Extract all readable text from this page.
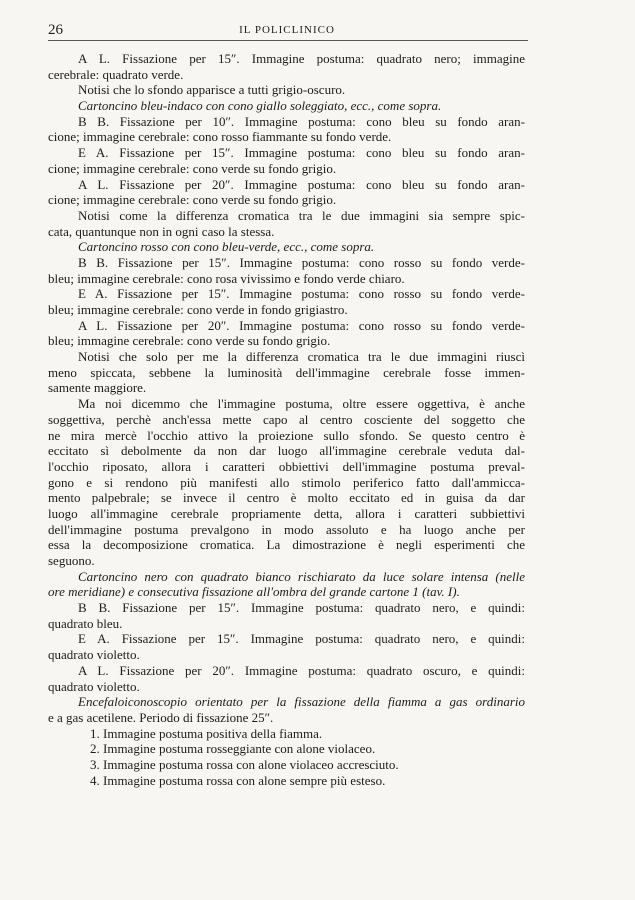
26	IL POLICLINICO
A L. Fissazione per 15″. Immagine postuma: quadrato nero; immagine
cerebrale: quadrato verde.
Notisi che lo sfondo apparisce a tutti grigio-oscuro.
Cartoncino bleu-indaco con cono giallo soleggiato, ecc., come sopra.
B B. Fissazione per 10″. Immagine postuma: cono bleu su fondo aran-
cione; immagine cerebrale: cono rosso fiammante su fondo verde.
E A. Fissazione per 15″. Immagine postuma: cono bleu su fondo aran-
cione; immagine cerebrale: cono verde su fondo grigio.
A L. Fissazione per 20″. Immagine postuma: cono bleu su fondo aran-
cione; immagine cerebrale: cono verde su fondo grigio.
Notisi come la differenza cromatica tra le due immagini sia sempre spic-
cata, quantunque non in ogni caso la stessa.
Cartoncino rosso con cono bleu-verde, ecc., come sopra.
B B. Fissazione per 15″. Immagine postuma: cono rosso su fondo verde-
bleu; immagine cerebrale: cono rosa vivissimo e fondo verde chiaro.
E A. Fissazione per 15″. Immagine postuma: cono rosso su fondo verde-
bleu; immagine cerebrale: cono verde in fondo grigiastro.
A L. Fissazione per 20″. Immagine postuma: cono rosso su fondo verde-
bleu; immagine cerebrale: cono verde su fondo grigio.
Notisi che solo per me la differenza cromatica tra le due immagini riuscì
meno spiccata, sebbene la luminosità dell'immagine cerebrale fosse immen-
samente maggiore.
Ma noi dicemmo che l'immagine postuma, oltre essere oggettiva, è anche
soggettiva, perchè anch'essa mette capo al centro cosciente del soggetto che
ne mira mercè l'occhio attivo la proiezione sullo sfondo. Se questo centro è
eccitato sì debolmente da non dar luogo all'immagine cerebrale veduta dal-
l'occhio riposato, allora i caratteri obbiettivi dell'immagine postuma preval-
gono e si rendono più manifesti allo stimolo periferico fatto dall'ammicca-
mento palpebrale; se invece il centro è molto eccitato ed in guisa da dar
luogo all'immagine cerebrale propriamente detta, allora i caratteri subbiettivi
dell'immagine postuma prevalgono in modo assoluto e ha luogo anche per
essa la decomposizione cromatica. La dimostrazione è negli esperimenti che
seguono.
Cartoncino nero con quadrato bianco rischiarato da luce solare intensa (nelle
ore meridiane) e consecutiva fissazione all'ombra del grande cartone 1 (tav. I).
B B. Fissazione per 15″. Immagine postuma: quadrato nero, e quindi:
quadrato bleu.
E A. Fissazione per 15″. Immagine postuma: quadrato nero, e quindi:
quadrato violetto.
A L. Fissazione per 20″. Immagine postuma: quadrato oscuro, e quindi:
quadrato violetto.
Encefaloiconoscopio orientato per la fissazione della fiamma a gas ordinario
e a gas acetilene. Periodo di fissazione 25″.
1. Immagine postuma positiva della fiamma.
2. Immagine postuma rosseggiante con alone violaceo.
3. Immagine postuma rossa con alone violaceo accresciuto.
4. Immagine postuma rossa con alone sempre più esteso.
